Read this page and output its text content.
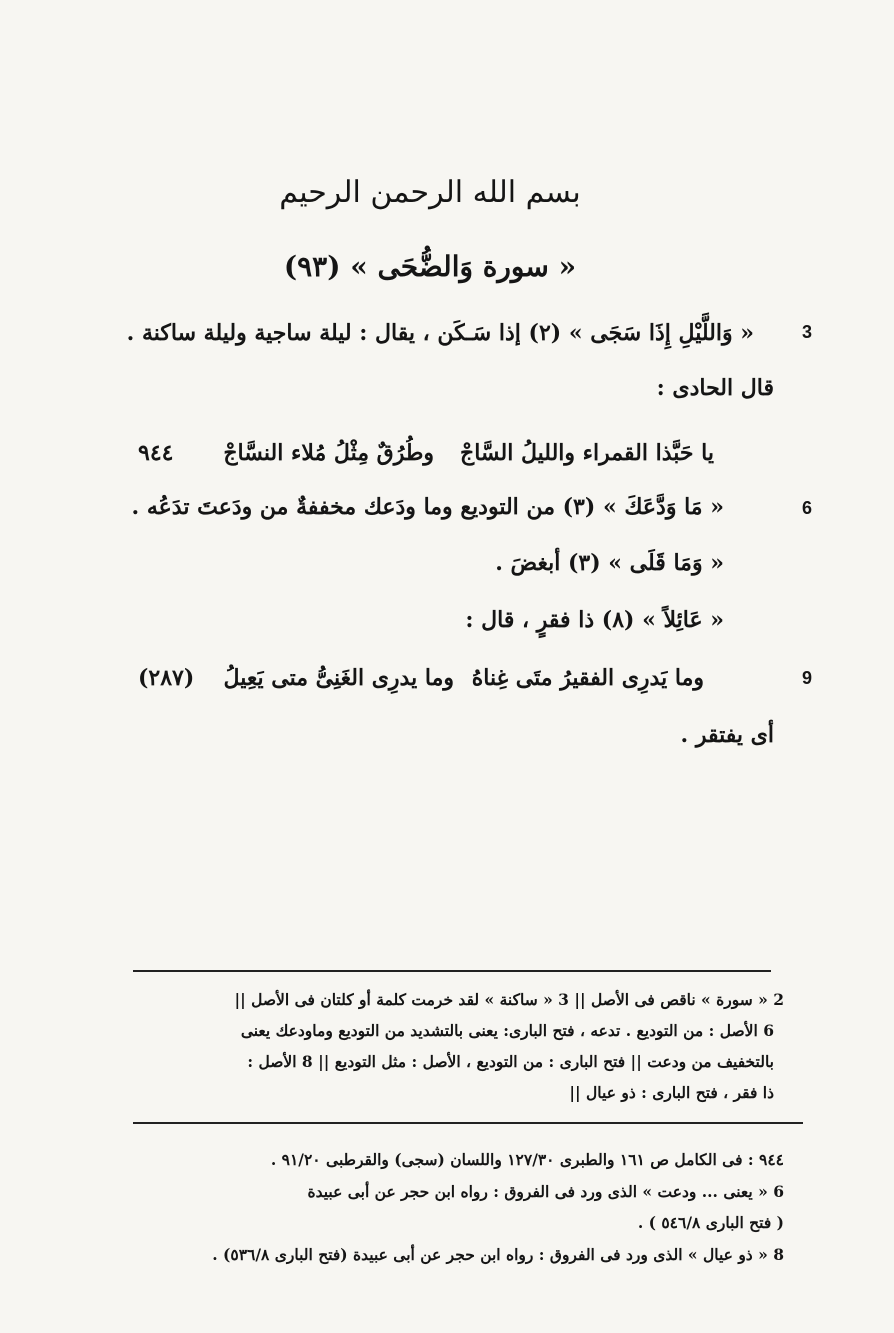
بسم الله الرحمن الرحيم
« سورة وَالضُّحَى » (٩٣)
3
« وَاللَّيْلِ إِذَا سَجَى » (٢) إذا سَـكَن ، يقال : ليلة ساجية وليلة ساكنة .
قال الحادى :
يا حَبَّذا القمراء والليلُ السَّاجْ
وطُرُقٌ مِثْلُ مُلاء النسَّاجْ
٩٤٤
6
« مَا وَدَّعَكَ » (٣) من التوديع وما ودَعك مخففةٌ من ودَعتَ تدَعُه .
« وَمَا قَلَى » (٣) أبغضَ .
« عَائِلاً » (٨) ذا فقرٍ ، قال :
9
وما يَدرِى الفقيرُ متَى غِناهُ
وما يدرِى الغَنِىُّ متى يَعِيلُ
(٢٨٧)
أى يفتقر .
2 « سورة » ناقص فى الأصل || 3 « ساكنة » لقد خرمت كلمة أو كلتان فى الأصل ||
6 الأصل : من التوديع . تدعه ، فتح البارى: يعنى بالتشديد من التوديع وماودعك يعنى
بالتخفيف من ودعت || فتح البارى : من التوديع ، الأصل : مثل التوديع || 8 الأصل :
ذا فقر ، فتح البارى : ذو عيال ||
٩٤٤ : فى الكامل ص ١٦١ والطبرى ١٢٧/٣٠ واللسان (سجى) والقرطبى ٩١/٢٠ .
6 « يعنى ... ودعت » الذى ورد فى الفروق : رواه ابن حجر عن أبى عبيدة
( فتح البارى ٥٤٦/٨ ) .
8 « ذو عيال » الذى ورد فى الفروق : رواه ابن حجر عن أبى عبيدة (فتح البارى ٥٣٦/٨) .
